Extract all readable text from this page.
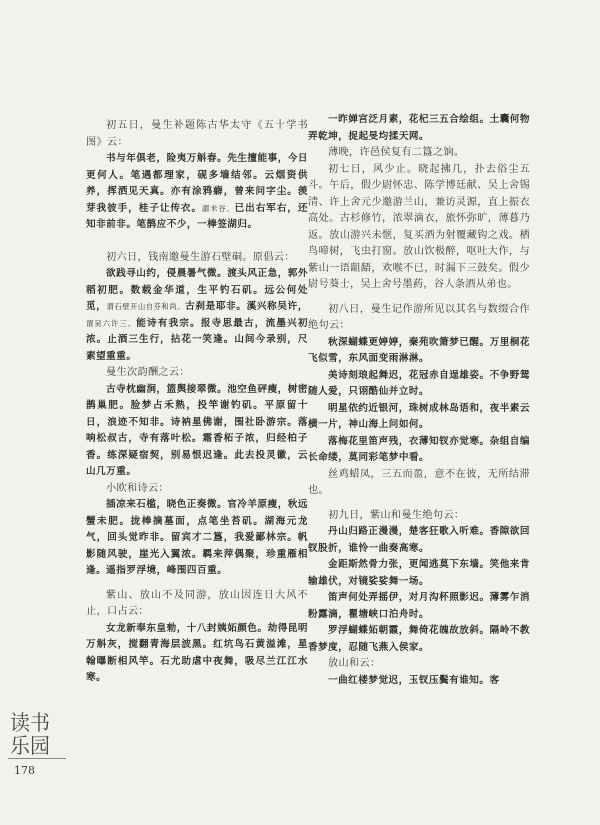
初五日，曼生补题陈古华太守《五十学书图》云：

书与年俱老，险夷万斛春。先生擅能事，今日更何人。笔遇都理家，砚多墙结邻。云烟资供养，挥洒见天真。亦有涂鸦癖，曾来问字尘。羡芽我彼手，桂子让传衣。謂米谷。已出右军右，还知非前非。笔鹊应不少，一棒签湖归。

初六日，钱南邀曼生游石壁硐。原倡云：

欲践寻山约，侵晨暑气微。渡头风正急，郭外稻初肥。数载金华道，生平钓石矶。远公何处觅，谓石壁开山自芬和尚。古刹是耶非。溪兴称吴许，谓吴六许三。能诗有我宗。报寺思最古，流墨兴初浓。止酒三生行，拈花一笑逢。山间今录别，尺素望重重。

曼生次韵酬之云：

古寺枕幽涧，篮舆接翠微。池空鱼砰瘦，树密鹊巢肥。脸梦占禾熟，投竿谢钓矶。平原留十日，浪迹不知非。诗衲星佛谢，围社卧游宗。落响松叔古，寺有落叶松。霜香柘子浓，归经柏子香。练深疑宿契，别易恨迟逢。此去投灵徽，云山几万重。

小欧和诗云：

插凉来石槛，晓色正奏微。官冷羊原瘦，秋远蟹未肥。拢棒摘墓面，点笔坐苔矶。湖海元龙气，回头觉昨非。留宾才二簋，我爱鄙林宗。帆影随风驶，崖光入翼浓。羁来萍偶聚，珍重雁相逢。遥指罗浮境，峰围四百重。

紫山、放山不及同游，放山因连日大风不止，口占云：

女龙新奉东皇勑，十八封姨妬颜色。劫得昆明万斛灰，搅翻青海层波黑。红坑鸟石黄溢滩，星翰曝断相风竿。石尤助虐中夜舞，吸尽兰江江水寒。

一昨婵宫泛月素，花杞三五合绘组。土囊何物弄乾坤，捉起旻均揉天网。

薄晚，许邑侯复有二簋之饷。

初七日，风少止。晓起拂几，扑去俗尘五斗。午后，假少尉怀忠、陈学博廷献、吴上舍锡清、许上舍元少邀游兰山，兼访灵源，直上振衣高处。古杉修竹，浓翠滴衣，旅怀弥旷，薄暮乃返。放山游兴未惬，复买酒为射覆藏钩之戏。栖鸟啼树，飞虫打窗。放山饮极醉，呕吐大作，与紫山一语龃龉，欢喉不已，时漏下三鼓矣。假少尉号葵士，吴上舍号墨葯，谷人条酒从弟也。

初八日，曼生记作游所见以其名与数缀合作绝句云：

秋深蝴蝶更婷婷，秦苑吹箫梦已醒。万里桐花飞似雪，东风面变雨淋淋。

美诗刻琅起舞迟，花冠赤自逞雄姿。不争野鸳随人爱，只诩酷仙并立时。

明星依约近银河，珠树成林岛语和，夜半素云横一片，神山海上问如何。

落梅花里笛声残，衣薄知钗亦觉寒。杂组自编长命缕，莫同彩笔梦中看。

丝鸡蜡凤，三五而盈，意不在彼，无所结滞也。

初九日，紫山和曼生绝句云：

丹山归路正漫漫，楚客狂歌入听难。香隙欲回钗股折，谁怜一曲奏高寒。

金距斯然骨力张，更闻逃莫下东墙。笑他来肯输雄伏，对镜娑娑舞一场。

笛声何处弄摇伊，对月沟杯照影迟。薄雾乍消粉露滴，瞿塘峡口泊舟时。

罗浮蝴蝶妬朝霞，舞倚花魄故放斜。隔岭不教香梦度，忍随飞燕入侯家。

放山和云：

一曲红楼梦觉迟，玉钗压鬓有谁知。客

读书乐园
178
